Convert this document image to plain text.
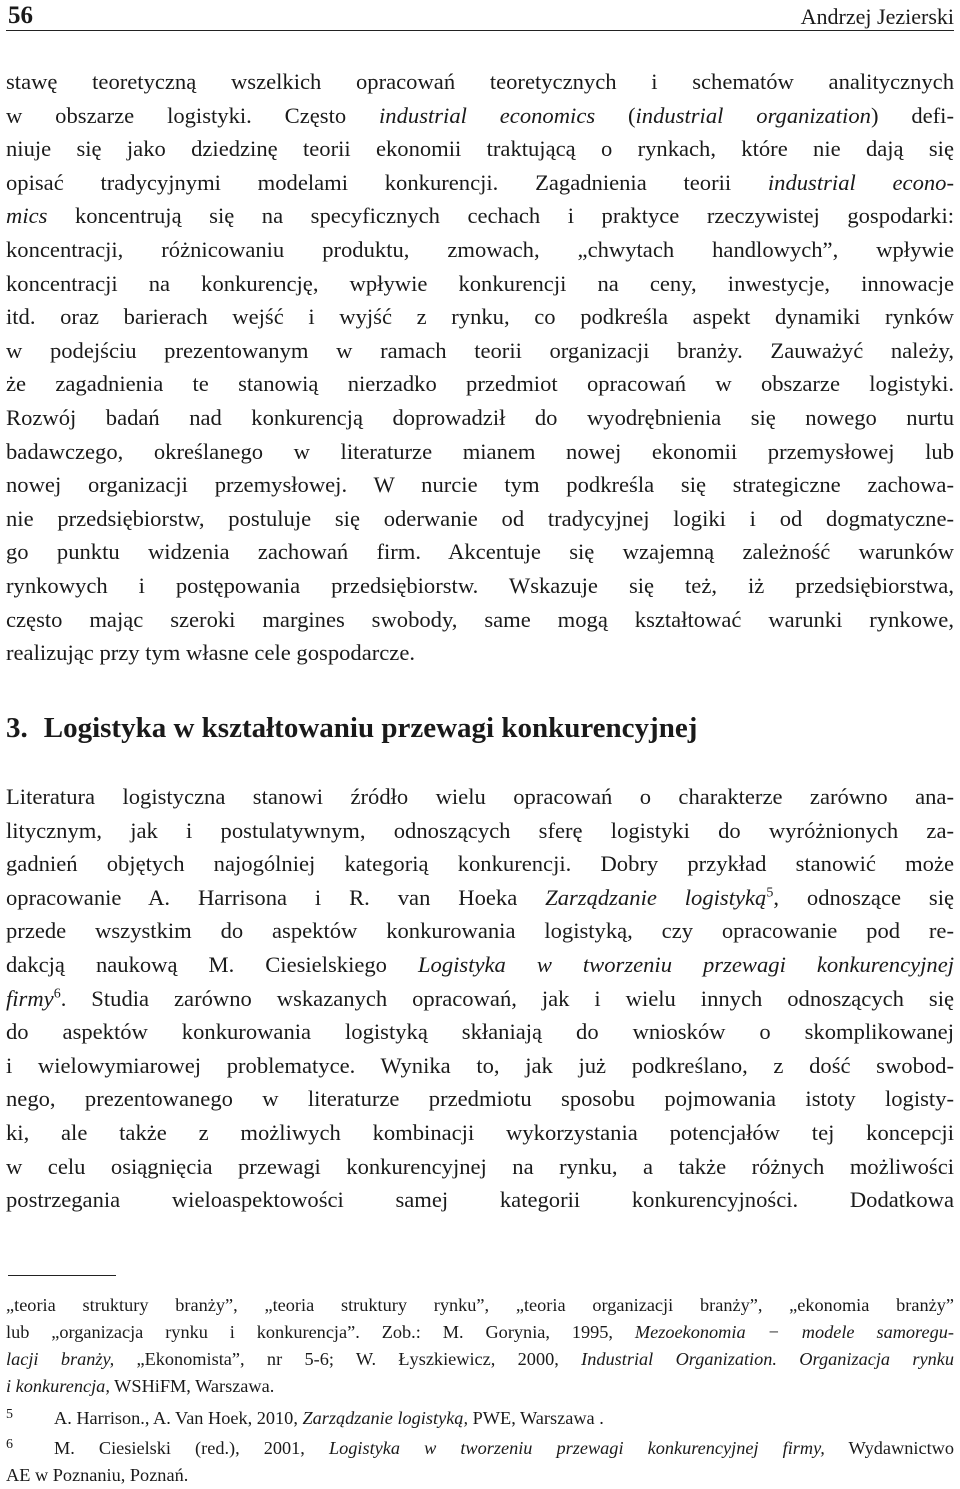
56	Andrzej Jezierski
stawę teoretyczną wszelkich opracowań teoretycznych i schematów analitycznych
w obszarze logistyki. Często industrial economics (industrial organization) defi-
niuje się jako dziedzinę teorii ekonomii traktującą o rynkach, które nie dają się
opisać tradycyjnymi modelami konkurencji. Zagadnienia teorii industrial econo-
mics koncentrują się na specyficznych cechach i praktyce rzeczywistej gospodarki:
koncentracji, różnicowaniu produktu, zmowach, „chwytach handlowych”, wpływie
koncentracji na konkurencję, wpływie konkurencji na ceny, inwestycje, innowacje
itd. oraz barierach wejść i wyjść z rynku, co podkreśla aspekt dynamiki rynków
w podejściu prezentowanym w ramach teorii organizacji branży. Zauważyć należy,
że zagadnienia te stanowią nierzadko przedmiot opracowań w obszarze logistyki.
Rozwój badań nad konkurencją doprowadził do wyodrębnienia się nowego nurtu
badawczego, określanego w literaturze mianem nowej ekonomii przemysłowej lub
nowej organizacji przemysłowej. W nurcie tym podkreśla się strategiczne zachowa-
nie przedsiębiorstw, postuluje się oderwanie od tradycyjnej logiki i od dogmatyczne-
go punktu widzenia zachowań firm. Akcentuje się wzajemną zależność warunków
rynkowych i postępowania przedsiębiorstw. Wskazuje się też, iż przedsiębiorstwa,
często mając szeroki margines swobody, same mogą kształtować warunki rynkowe,
realizując przy tym własne cele gospodarcze.
3. Logistyka w kształtowaniu przewagi konkurencyjnej
Literatura logistyczna stanowi źródło wielu opracowań o charakterze zarówno ana-
litycznym, jak i postulatywnym, odnoszących sferę logistyki do wyróżnionych za-
gadnień objętych najogólniej kategorią konkurencji. Dobry przykład stanowić może
opracowanie A. Harrisona i R. van Hoeka Zarządzanie logistyką$^5$, odnoszące się
przede wszystkim do aspektów konkurowania logistyką, czy opracowanie pod re-
dakcją naukową M. Ciesielskiego Logistyka w tworzeniu przewagi konkurencyjnej
firmy$^6$. Studia zarówno wskazanych opracowań, jak i wielu innych odnoszących się
do aspektów konkurowania logistyką skłaniają do wniosków o skomplikowanej
i wielowymiarowej problematyce. Wynika to, jak już podkreślano, z dość swobod-
nego, prezentowanego w literaturze przedmiotu sposobu pojmowania istoty logisty-
ki, ale także z możliwych kombinacji wykorzystania potencjałów tej koncepcji
w celu osiągnięcia przewagi konkurencyjnej na rynku, a także różnych możliwości
postrzegania wieloaspektowości samej kategorii konkurencyjności. Dodatkowa
„teoria struktury branży”, „teoria struktury rynku”, „teoria organizacji branży”, „ekonomia branży”
lub „organizacja rynku i konkurencja”. Zob.: M. Gorynia, 1995, Mezoekonomia − modele samoregu-
lacji branży, „Ekonomista”, nr 5-6; W. Łyszkiewicz, 2000, Industrial Organization. Organizacja rynku
i konkurencja, WSHiFM, Warszawa.
5 A. Harrison., A. Van Hoek, 2010, Zarządzanie logistyką, PWE, Warszawa .
6 M. Ciesielski (red.), 2001, Logistyka w tworzeniu przewagi konkurencyjnej firmy, Wydawnictwo
AE w Poznaniu, Poznań.
